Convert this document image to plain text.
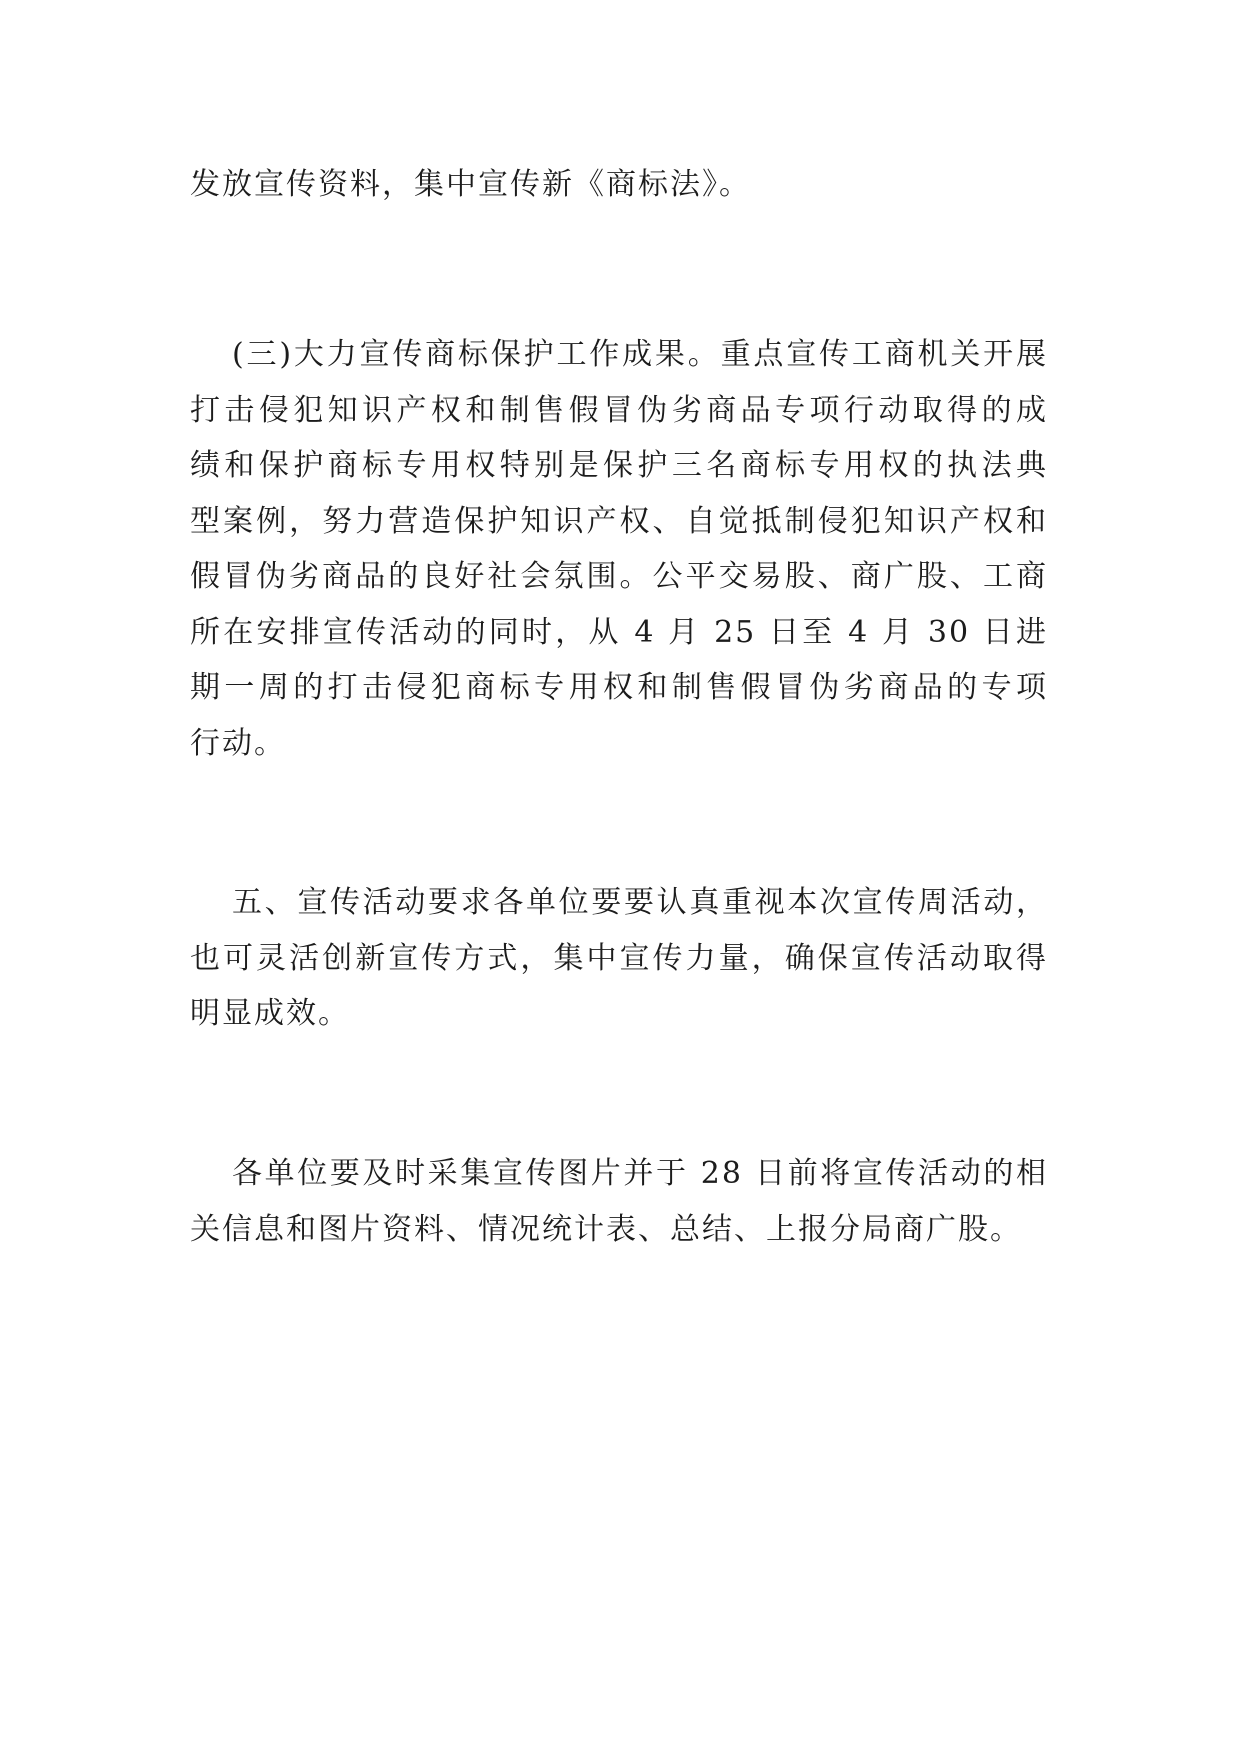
发放宣传资料，集中宣传新《商标法》。
(三)大力宣传商标保护工作成果。重点宣传工商机关开展
打击侵犯知识产权和制售假冒伪劣商品专项行动取得的成
绩和保护商标专用权特别是保护三名商标专用权的执法典
型案例，努力营造保护知识产权、自觉抵制侵犯知识产权和
假冒伪劣商品的良好社会氛围。公平交易股、商广股、工商
所在安排宣传活动的同时，从 4 月 25 日至 4 月 30 日进
期一周的打击侵犯商标专用权和制售假冒伪劣商品的专项
行动。
五、宣传活动要求各单位要要认真重视本次宣传周活动，
也可灵活创新宣传方式，集中宣传力量，确保宣传活动取得
明显成效。
各单位要及时采集宣传图片并于 28 日前将宣传活动的相
关信息和图片资料、情况统计表、总结、上报分局商广股。
